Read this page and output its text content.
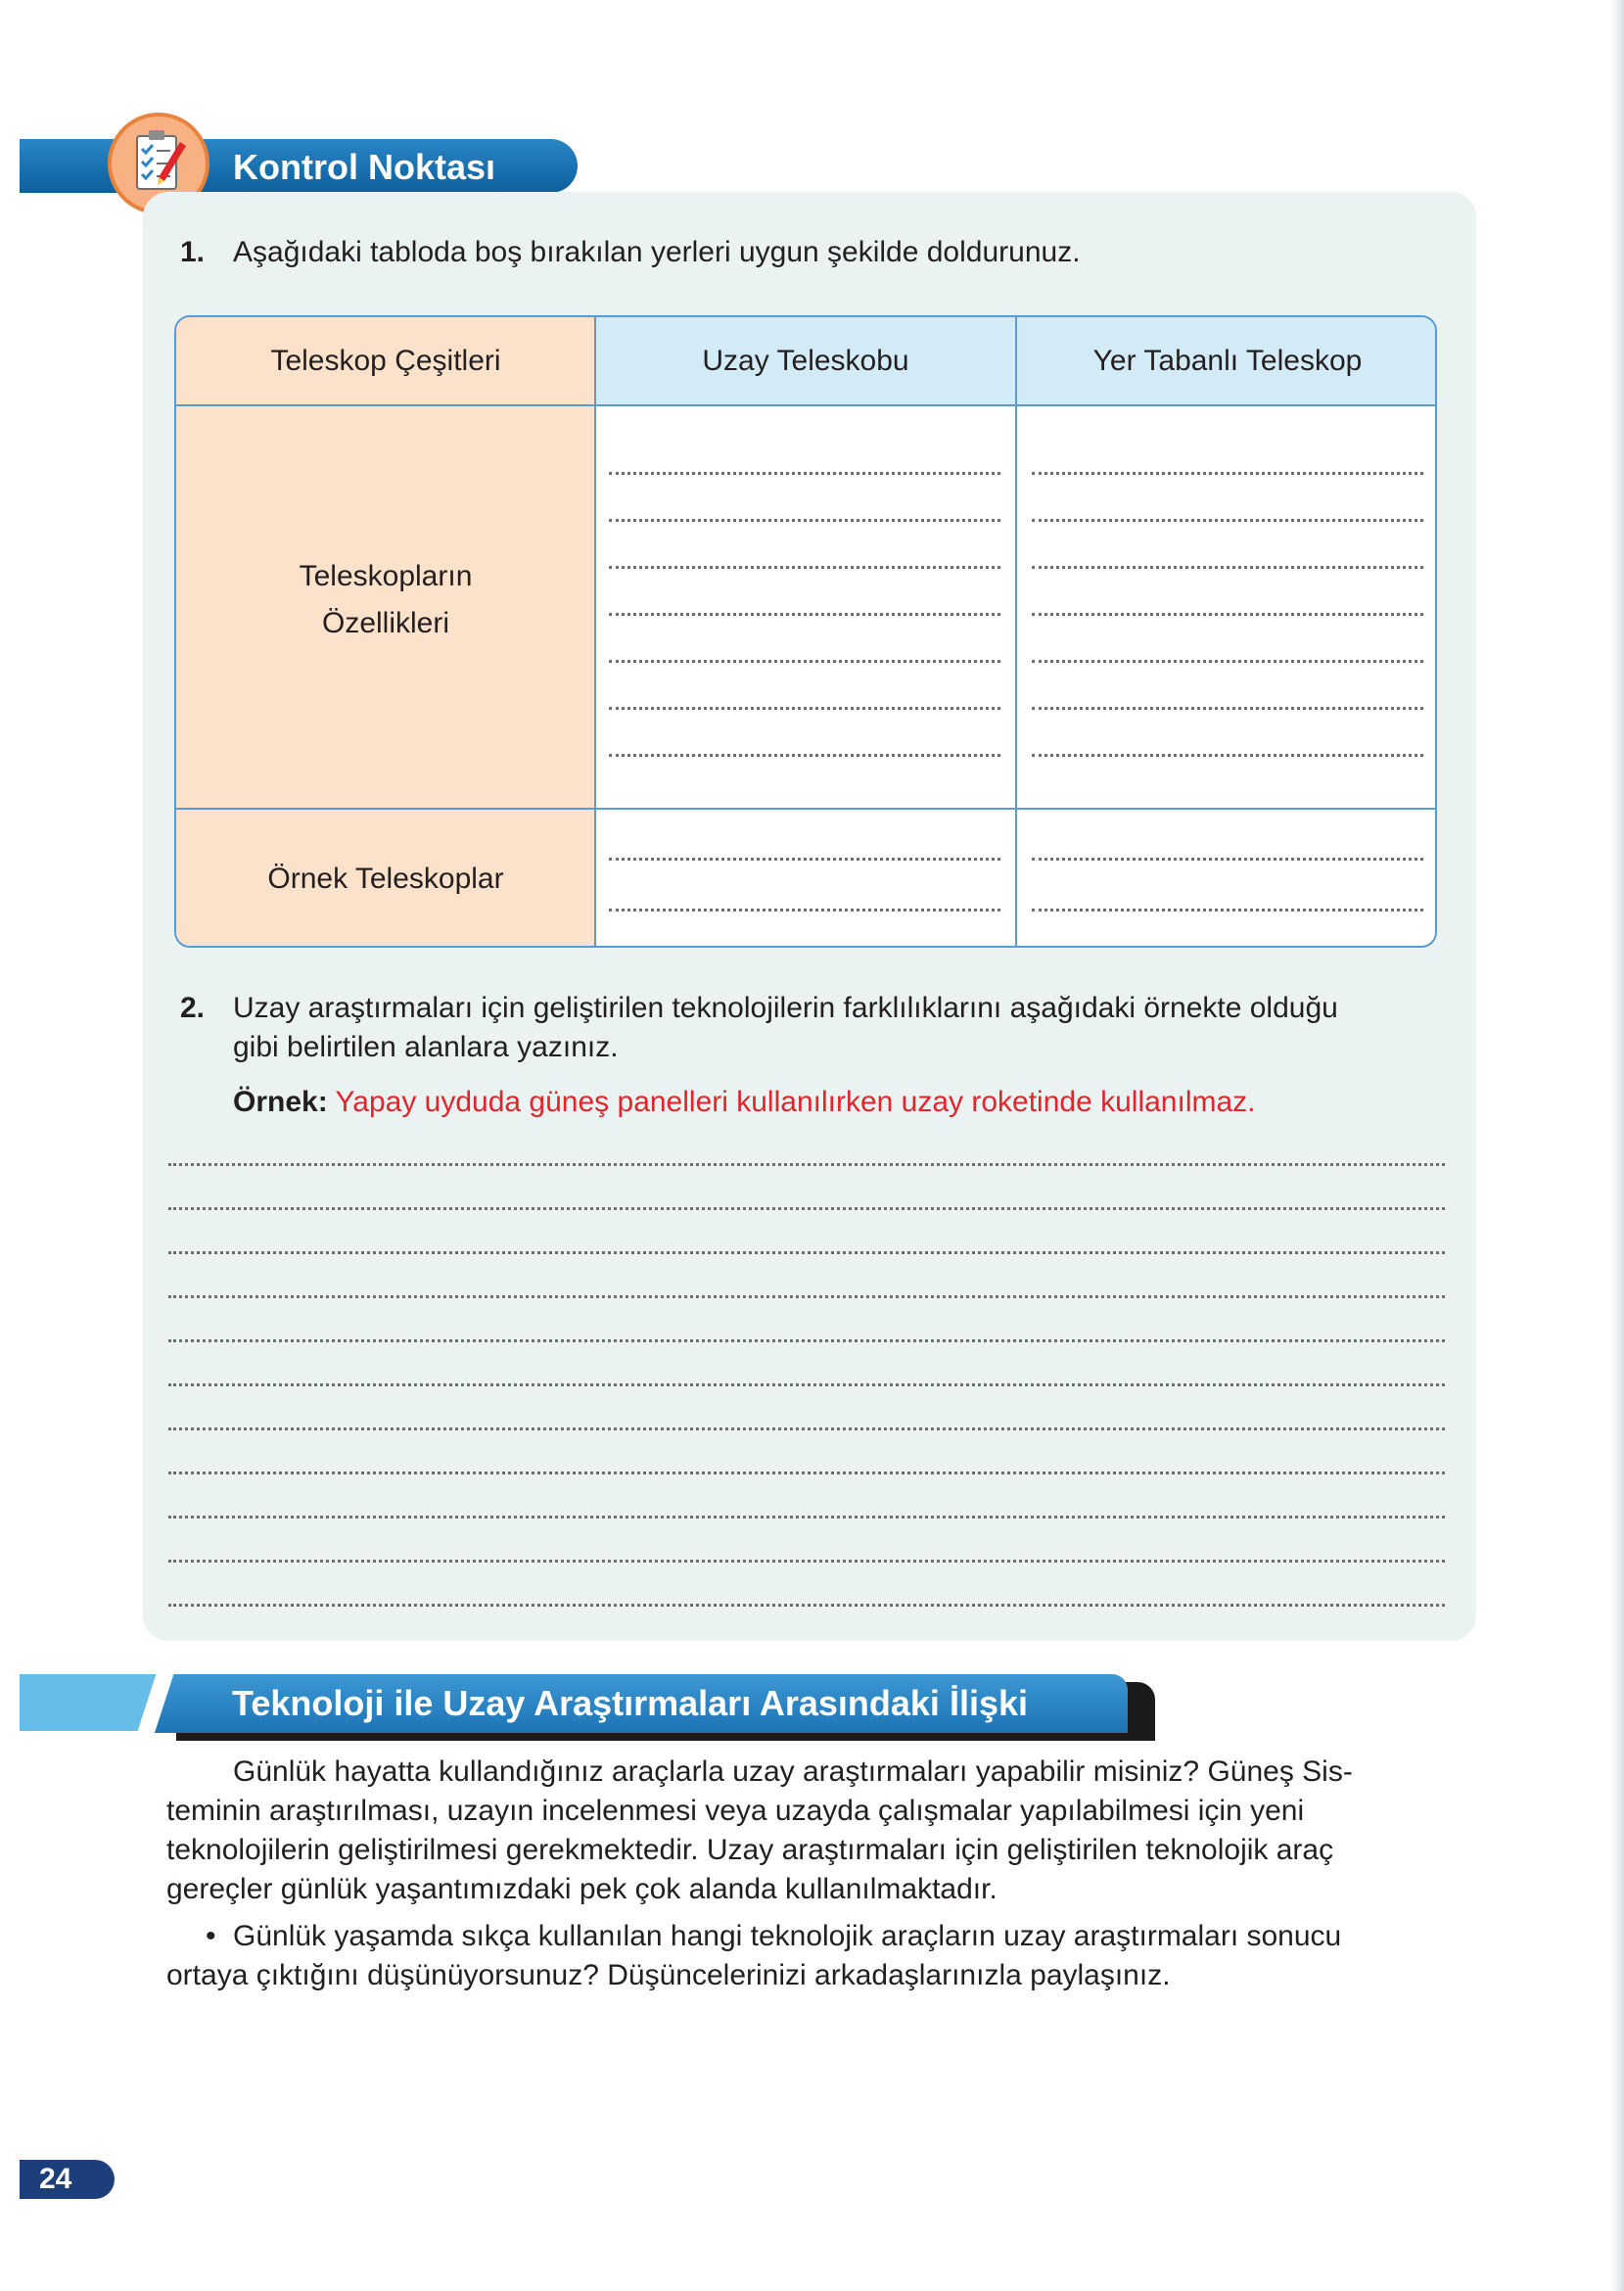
Kontrol Noktası
1. Aşağıdaki tabloda boş bırakılan yerleri uygun şekilde doldurunuz.
Teleskop Çeşitleri	Uzay Teleskobu	Yer Tabanlı Teleskop
Teleskopların
Özellikleri
Örnek Teleskoplar
2. Uzay araştırmaları için geliştirilen teknolojilerin farklılıklarını aşağıdaki örnekte olduğu
gibi belirtilen alanlara yazınız.
Örnek: Yapay uyduda güneş panelleri kullanılırken uzay roketinde kullanılmaz.
Teknoloji ile Uzay Araştırmaları Arasındaki İlişki
Günlük hayatta kullandığınız araçlarla uzay araştırmaları yapabilir misiniz? Güneş Sis-
teminin araştırılması, uzayın incelenmesi veya uzayda çalışmalar yapılabilmesi için yeni
teknolojilerin geliştirilmesi gerekmektedir. Uzay araştırmaları için geliştirilen teknolojik araç
gereçler günlük yaşantımızdaki pek çok alanda kullanılmaktadır.
• Günlük yaşamda sıkça kullanılan hangi teknolojik araçların uzay araştırmaları sonucu
ortaya çıktığını düşünüyorsunuz? Düşüncelerinizi arkadaşlarınızla paylaşınız.
24
